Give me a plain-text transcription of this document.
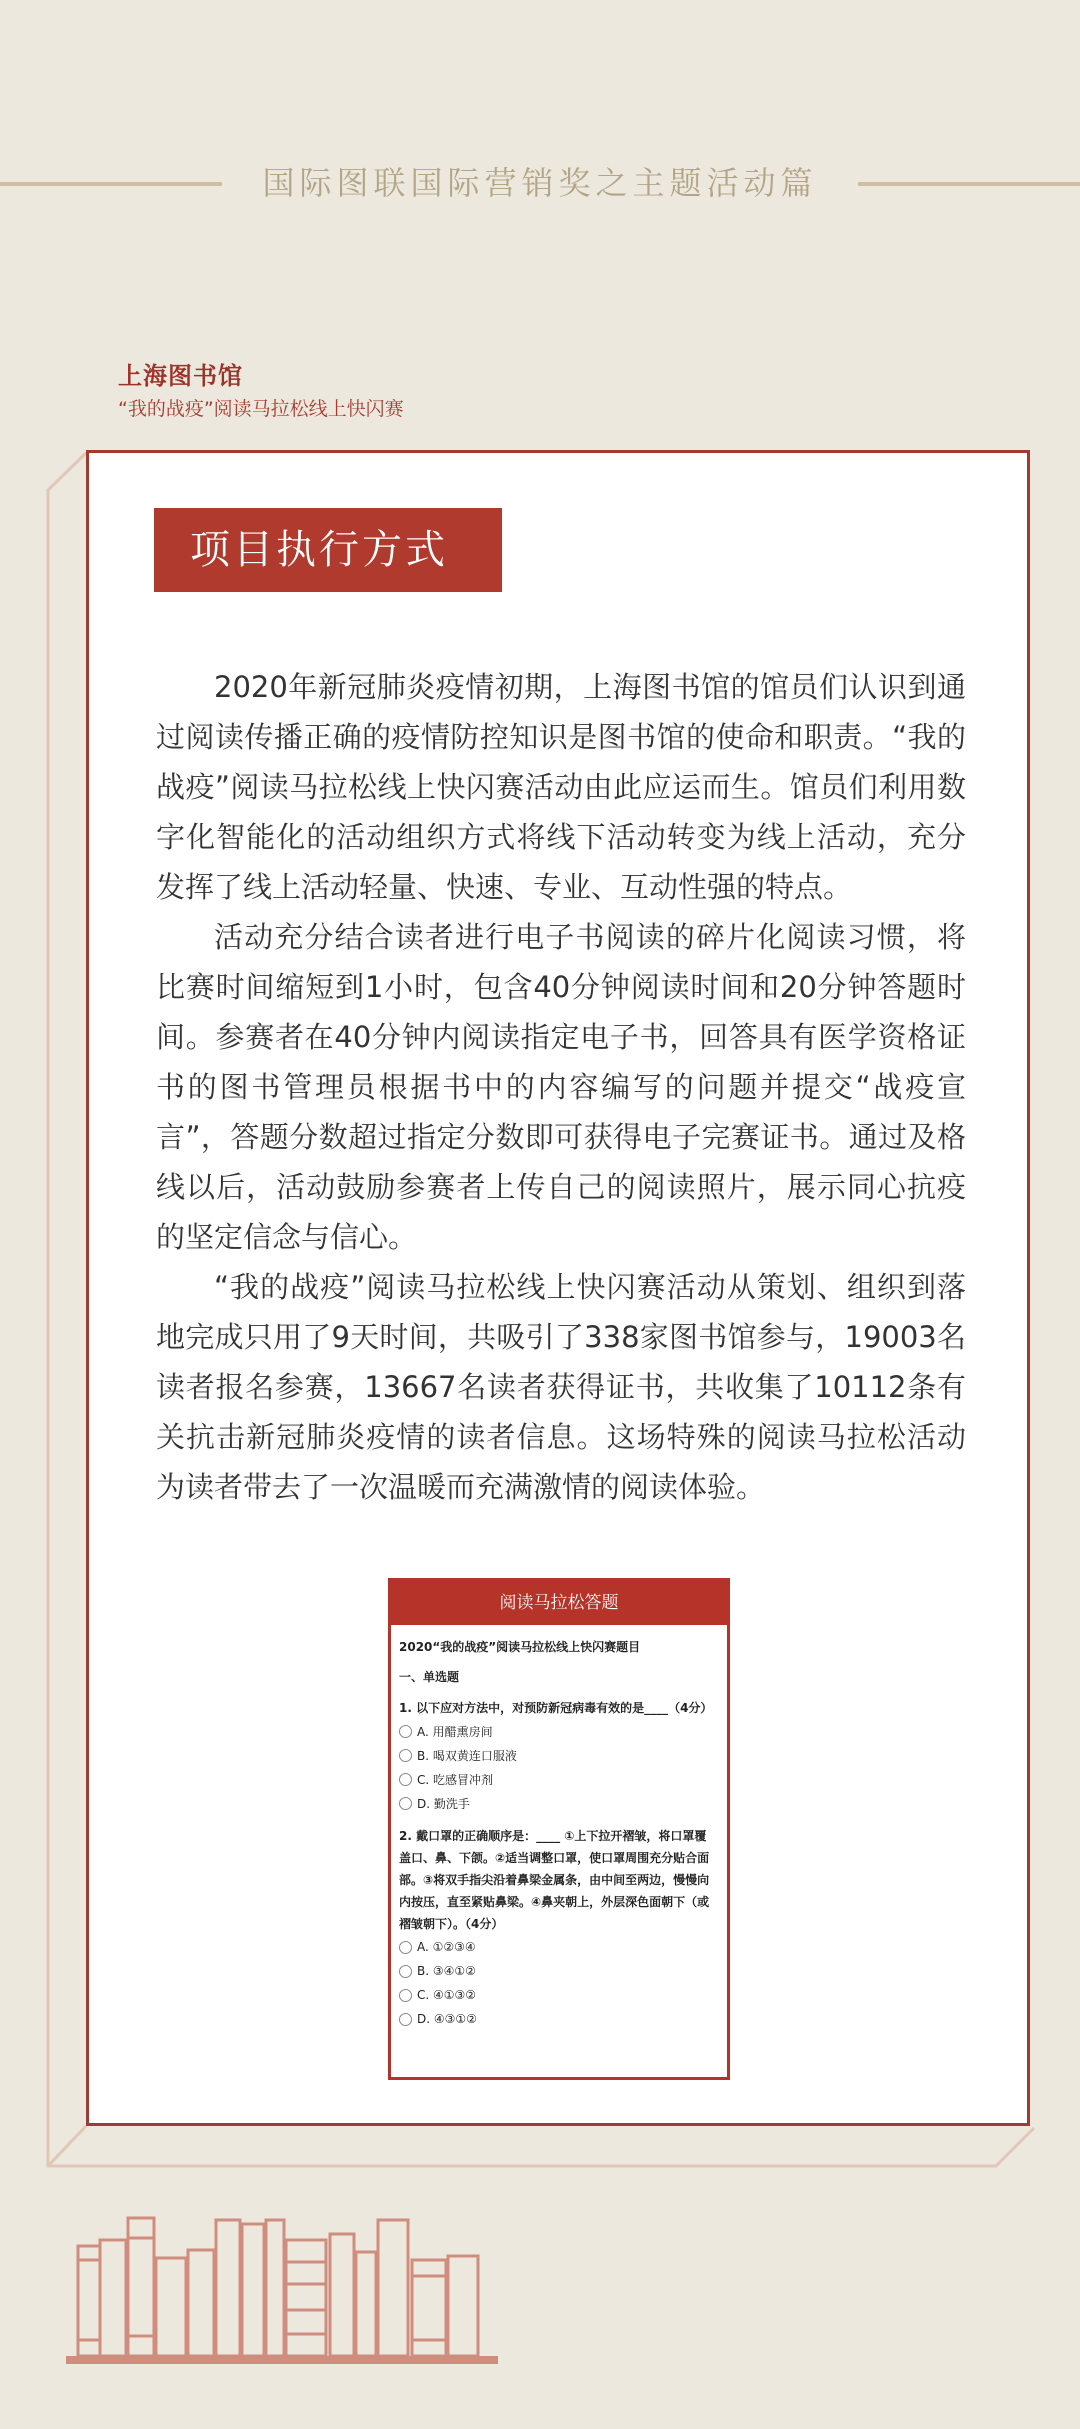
国际图联国际营销奖之主题活动篇
上海图书馆
“我的战疫”阅读马拉松线上快闪赛
项目执行方式

2020年新冠肺炎疫情初期，上海图书馆的馆员们认识到通过阅读传播正确的疫情防控知识是图书馆的使命和职责。“我的战疫”阅读马拉松线上快闪赛活动由此应运而生。馆员们利用数字化智能化的活动组织方式将线下活动转变为线上活动，充分发挥了线上活动轻量、快速、专业、互动性强的特点。

活动充分结合读者进行电子书阅读的碎片化阅读习惯，将比赛时间缩短到1小时，包含40分钟阅读时间和20分钟答题时间。参赛者在40分钟内阅读指定电子书，回答具有医学资格证书的图书管理员根据书中的内容编写的问题并提交“战疫宣言”，答题分数超过指定分数即可获得电子完赛证书。通过及格线以后，活动鼓励参赛者上传自己的阅读照片，展示同心抗疫的坚定信念与信心。

“我的战疫”阅读马拉松线上快闪赛活动从策划、组织到落地完成只用了9天时间，共吸引了338家图书馆参与，19003名读者报名参赛，13667名读者获得证书，共收集了10112条有关抗击新冠肺炎疫情的读者信息。这场特殊的阅读马拉松活动为读者带去了一次温暖而充满激情的阅读体验。

阅读马拉松答题
2020“我的战疫”阅读马拉松线上快闪赛题目
一、单选题
1. 以下应对方法中，对预防新冠病毒有效的是____（4分）
A. 用醋熏房间
B. 喝双黄连口服液
C. 吃感冒冲剂
D. 勤洗手
2. 戴口罩的正确顺序是：____ ①上下拉开褶皱，将口罩覆盖口、鼻、下颌。②适当调整口罩，使口罩周围充分贴合面部。③将双手指尖沿着鼻梁金属条，由中间至两边，慢慢向内按压，直至紧贴鼻梁。④鼻夹朝上，外层深色面朝下（或褶皱朝下）。（4分）
A. ①②③④
B. ③④①②
C. ④①③②
D. ④③①②
